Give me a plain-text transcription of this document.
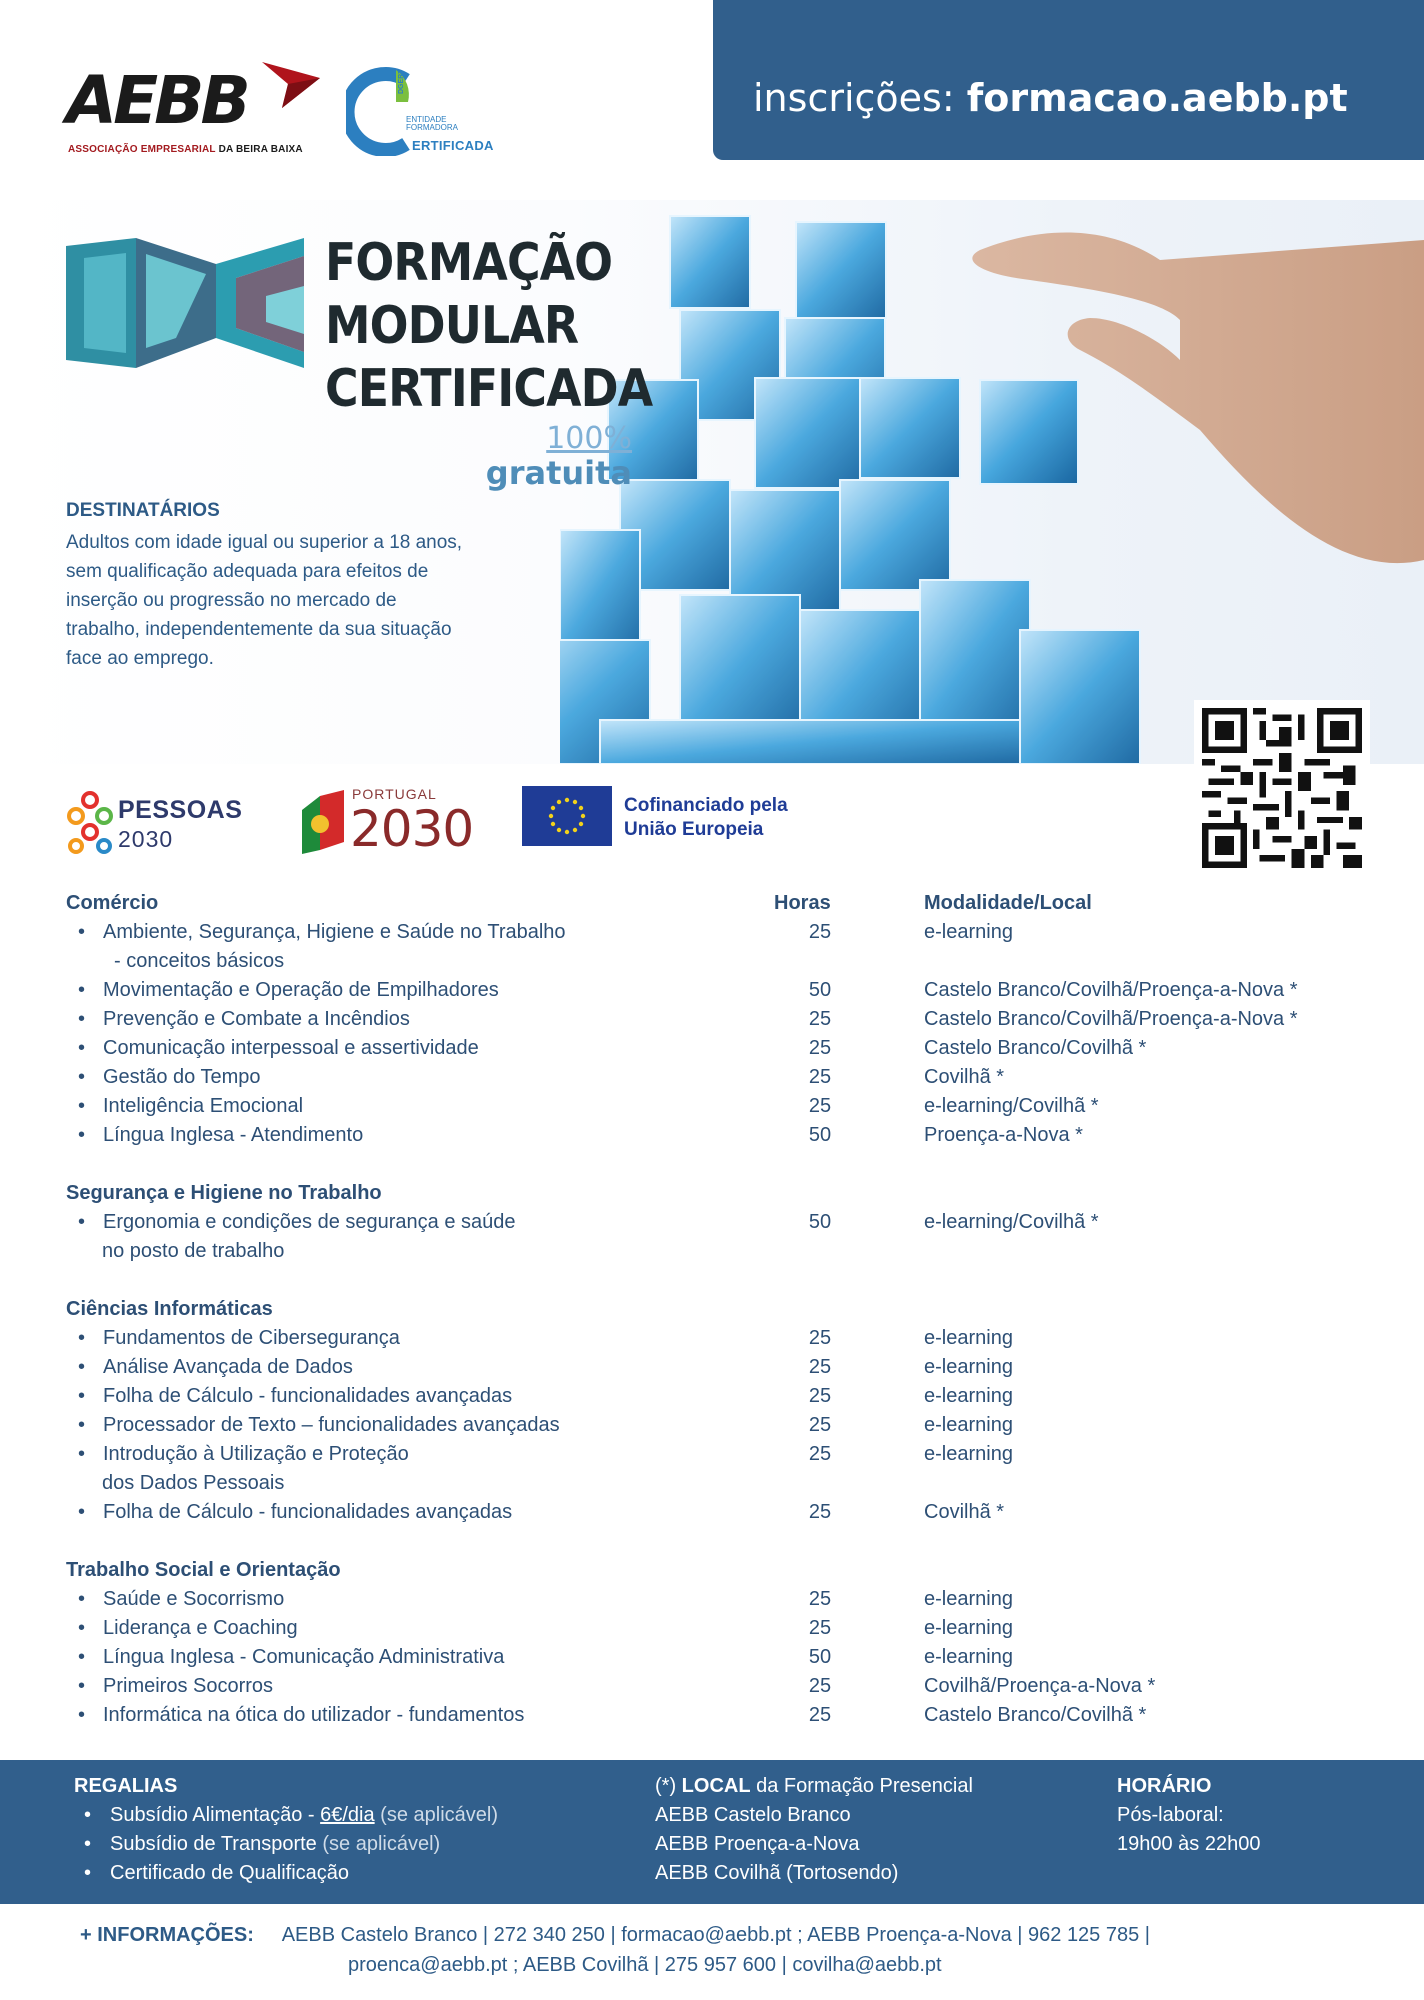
AEBB
ASSOCIAÇÃO EMPRESARIAL DA BEIRA BAIXA
DGERT
ENTIDADE
FORMADORA
ERTIFICADA
inscrições: formacao.aebb.pt
FORMAÇÃO
MODULAR
CERTIFICADA
100%
gratuita
DESTINATÁRIOS

Adultos com idade igual ou superior a 18 anos, sem qualificação adequada para efeitos de inserção ou progressão no mercado de trabalho, independentemente da sua situação face ao emprego.

PESSOAS
2030
PORTUGAL
2030	Cofinanciado pela
União Europeia
Comércio	Horas	Modalidade/Local
• Ambiente, Segurança, Higiene e Saúde no Trabalho	25	e-learning
- conceitos básicos
• Movimentação e Operação de Empilhadores	50	Castelo Branco/Covilhã/Proença-a-Nova *
• Prevenção e Combate a Incêndios	25	Castelo Branco/Covilhã/Proença-a-Nova *
• Comunicação interpessoal e assertividade	25	Castelo Branco/Covilhã *
• Gestão do Tempo	25	Covilhã *
• Inteligência Emocional	25	e-learning/Covilhã *
• Língua Inglesa - Atendimento	50	Proença-a-Nova *
Segurança e Higiene no Trabalho
• Ergonomia e condições de segurança e saúde	50	e-learning/Covilhã *
no posto de trabalho
Ciências Informáticas
• Fundamentos de Cibersegurança	25	e-learning
• Análise Avançada de Dados	25	e-learning
• Folha de Cálculo - funcionalidades avançadas	25	e-learning
• Processador de Texto – funcionalidades avançadas	25	e-learning
• Introdução à Utilização e Proteção	25	e-learning
dos Dados Pessoais
• Folha de Cálculo - funcionalidades avançadas	25	Covilhã *
Trabalho Social e Orientação
• Saúde e Socorrismo	25	e-learning
• Liderança e Coaching	25	e-learning
• Língua Inglesa - Comunicação Administrativa	50	e-learning
• Primeiros Socorros	25	Covilhã/Proença-a-Nova *
• Informática na ótica do utilizador - fundamentos	25	Castelo Branco/Covilhã *
REGALIAS
• Subsídio Alimentação - 6€/dia (se aplicável)
• Subsídio de Transporte (se aplicável)
• Certificado de Qualificação
(*) LOCAL da Formação Presencial
AEBB Castelo Branco
AEBB Proença-a-Nova
AEBB Covilhã (Tortosendo)
HORÁRIO
Pós-laboral:
19h00 às 22h00
+ INFORMAÇÕES: AEBB Castelo Branco | 272 340 250 | formacao@aebb.pt ; AEBB Proença-a-Nova | 962 125 785 |
proenca@aebb.pt ; AEBB Covilhã | 275 957 600 | covilha@aebb.pt
